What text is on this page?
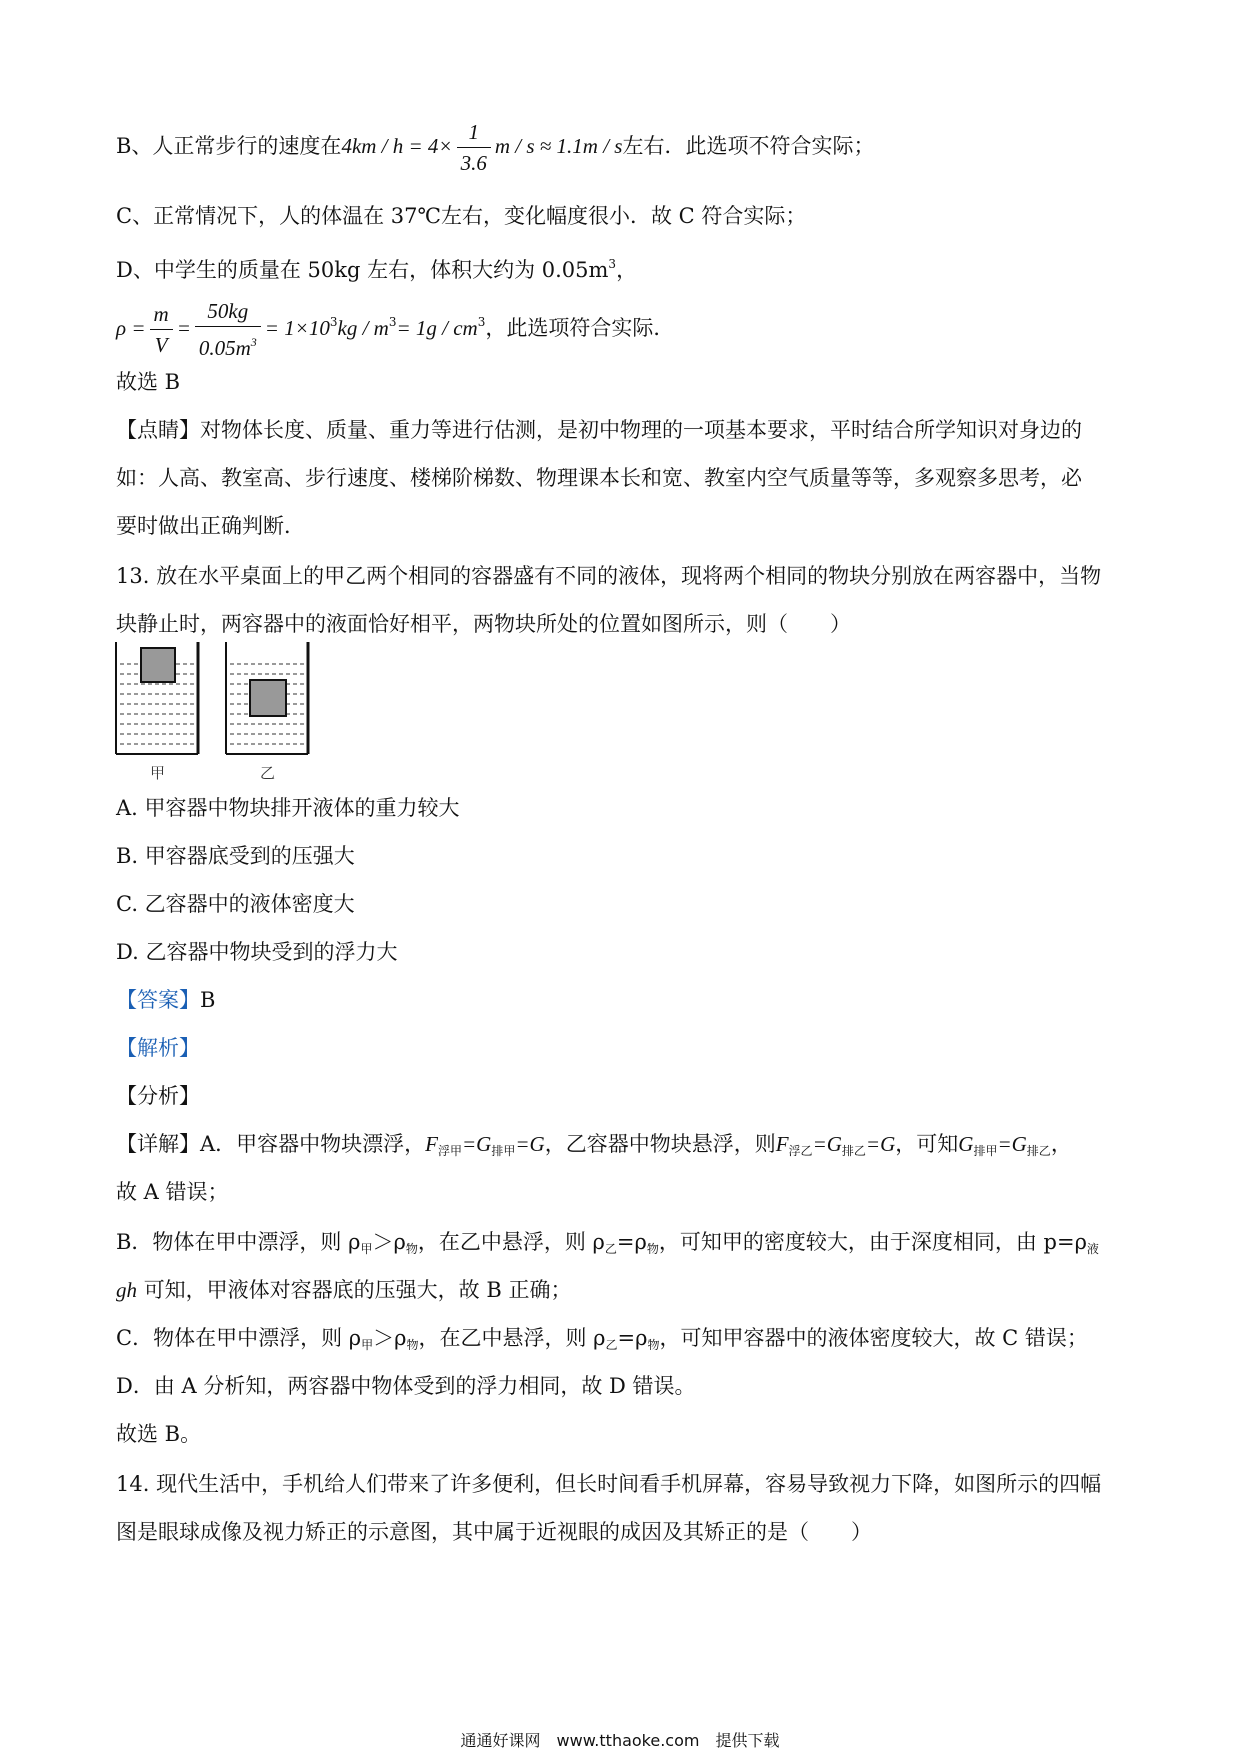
B、人正常步行的速度在$4km / h = 4\times \frac{1}{3.6}$ m / s ≈ 1.1m / s左右．此选项不符合实际；
C、正常情况下，人的体温在 37℃左右，变化幅度很小．故 C 符合实际；
D、中学生的质量在 50kg 左右，体积大约为 $0.05m^3$，
$\rho = \frac{m}{V} = \frac{50kg}{0.05m^3} = 1\times 10^3kg / m^3= 1g / cm^3$，此选项符合实际．
故选 B
【点睛】对物体长度、质量、重力等进行估测，是初中物理的一项基本要求，平时结合所学知识对身边的
如：人高、教室高、步行速度、楼梯阶梯数、物理课本长和宽、教室内空气质量等等，多观察多思考，必
要时做出正确判断．
13. 放在水平桌面上的甲乙两个相同的容器盛有不同的液体，现将两个相同的物块分别放在两容器中，当物
块静止时，两容器中的液面恰好相平，两物块所处的位置如图所示，则（　　）
甲	乙
A. 甲容器中物块排开液体的重力较大
B. 甲容器底受到的压强大
C. 乙容器中的液体密度大
D. 乙容器中物块受到的浮力大
【答案】B
【解析】
【分析】
【详解】A．甲容器中物块漂浮，$F_{浮甲}=G_{排甲}=G$，乙容器中物块悬浮，则$F_{浮乙}=G_{排乙}=G$，可知$G_{排甲}=G_{排乙}$，
故 A 错误；
B．物体在甲中漂浮，则 $\rho_甲>\rho_物$，在乙中悬浮，则 $\rho_乙=\rho_物$，可知甲的密度较大，由于深度相同，由 $p=\rho_液$
gh 可知，甲液体对容器底的压强大，故 B 正确；
C．物体在甲中漂浮，则 $\rho_甲>\rho_物$，在乙中悬浮，则 $\rho_乙=\rho_物$，可知甲容器中的液体密度较大，故 C 错误；
D．由 A 分析知，两容器中物体受到的浮力相同，故 D 错误。
故选 B。
14. 现代生活中，手机给人们带来了许多便利，但长时间看手机屏幕，容易导致视力下降，如图所示的四幅
图是眼球成像及视力矫正的示意图，其中属于近视眼的成因及其矫正的是（　　）
通通好课网　www.tthaoke.com　提供下载
